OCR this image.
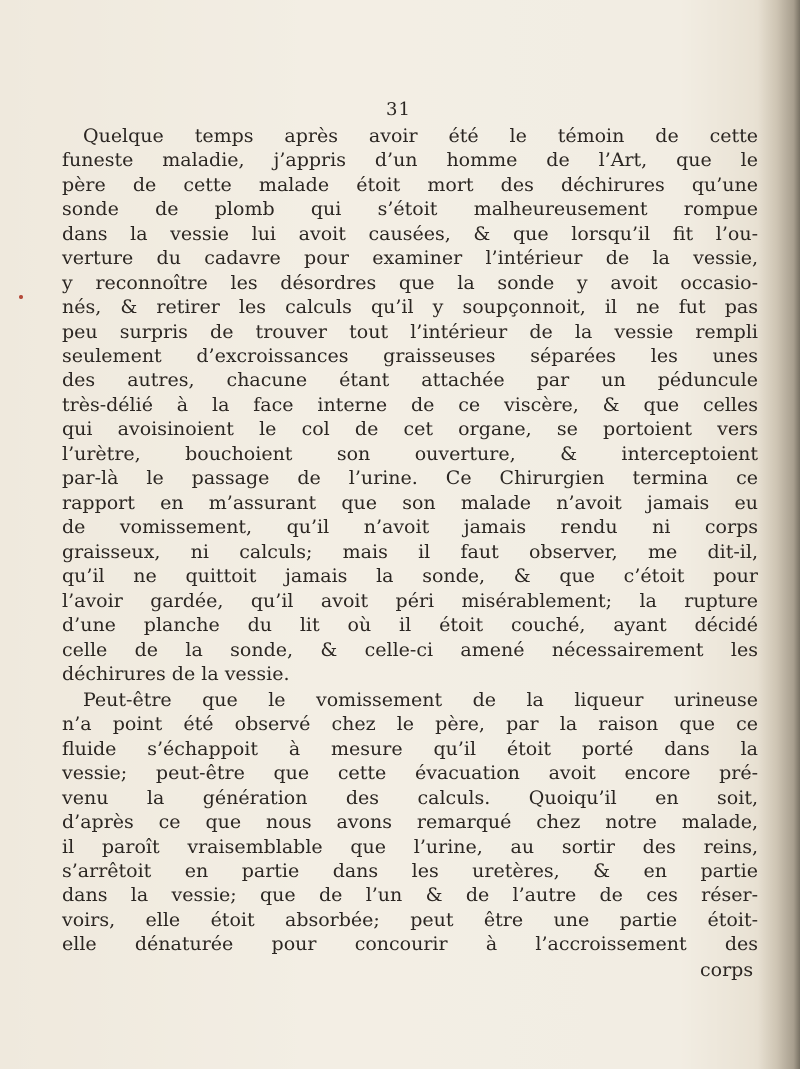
31
Quelque temps après avoir été le témoin de cette
funeste maladie, j’appris d’un homme de l’Art, que le
père de cette malade étoit mort des déchirures qu’une
sonde de plomb qui s’étoit malheureusement rompue
dans la vessie lui avoit causées, & que lorsqu’il fit l’ou-
verture du cadavre pour examiner l’intérieur de la vessie,
y reconnoître les désordres que la sonde y avoit occasio-
nés, & retirer les calculs qu’il y soupçonnoit, il ne fut pas
peu surpris de trouver tout l’intérieur de la vessie rempli
seulement d’excroissances graisseuses séparées les unes
des autres, chacune étant attachée par un péduncule
très-délié à la face interne de ce viscère, & que celles
qui avoisinoient le col de cet organe, se portoient vers
l’urètre, bouchoient son ouverture, & interceptoient
par-là le passage de l’urine. Ce Chirurgien termina ce
rapport en m’assurant que son malade n’avoit jamais eu
de vomissement, qu’il n’avoit jamais rendu ni corps
graisseux, ni calculs; mais il faut observer, me dit-il,
qu’il ne quittoit jamais la sonde, & que c’étoit pour
l’avoir gardée, qu’il avoit péri misérablement; la rupture
d’une planche du lit où il étoit couché, ayant décidé
celle de la sonde, & celle-ci amené nécessairement les
déchirures de la vessie.
Peut-être que le vomissement de la liqueur urineuse
n’a point été observé chez le père, par la raison que ce
fluide s’échappoit à mesure qu’il étoit porté dans la
vessie; peut-être que cette évacuation avoit encore pré-
venu la génération des calculs. Quoiqu’il en soit,
d’après ce que nous avons remarqué chez notre malade,
il paroît vraisemblable que l’urine, au sortir des reins,
s’arrêtoit en partie dans les uretères, & en partie
dans la vessie; que de l’un & de l’autre de ces réser-
voirs, elle étoit absorbée; peut être une partie étoit-
elle dénaturée pour concourir à l’accroissement des
corps
